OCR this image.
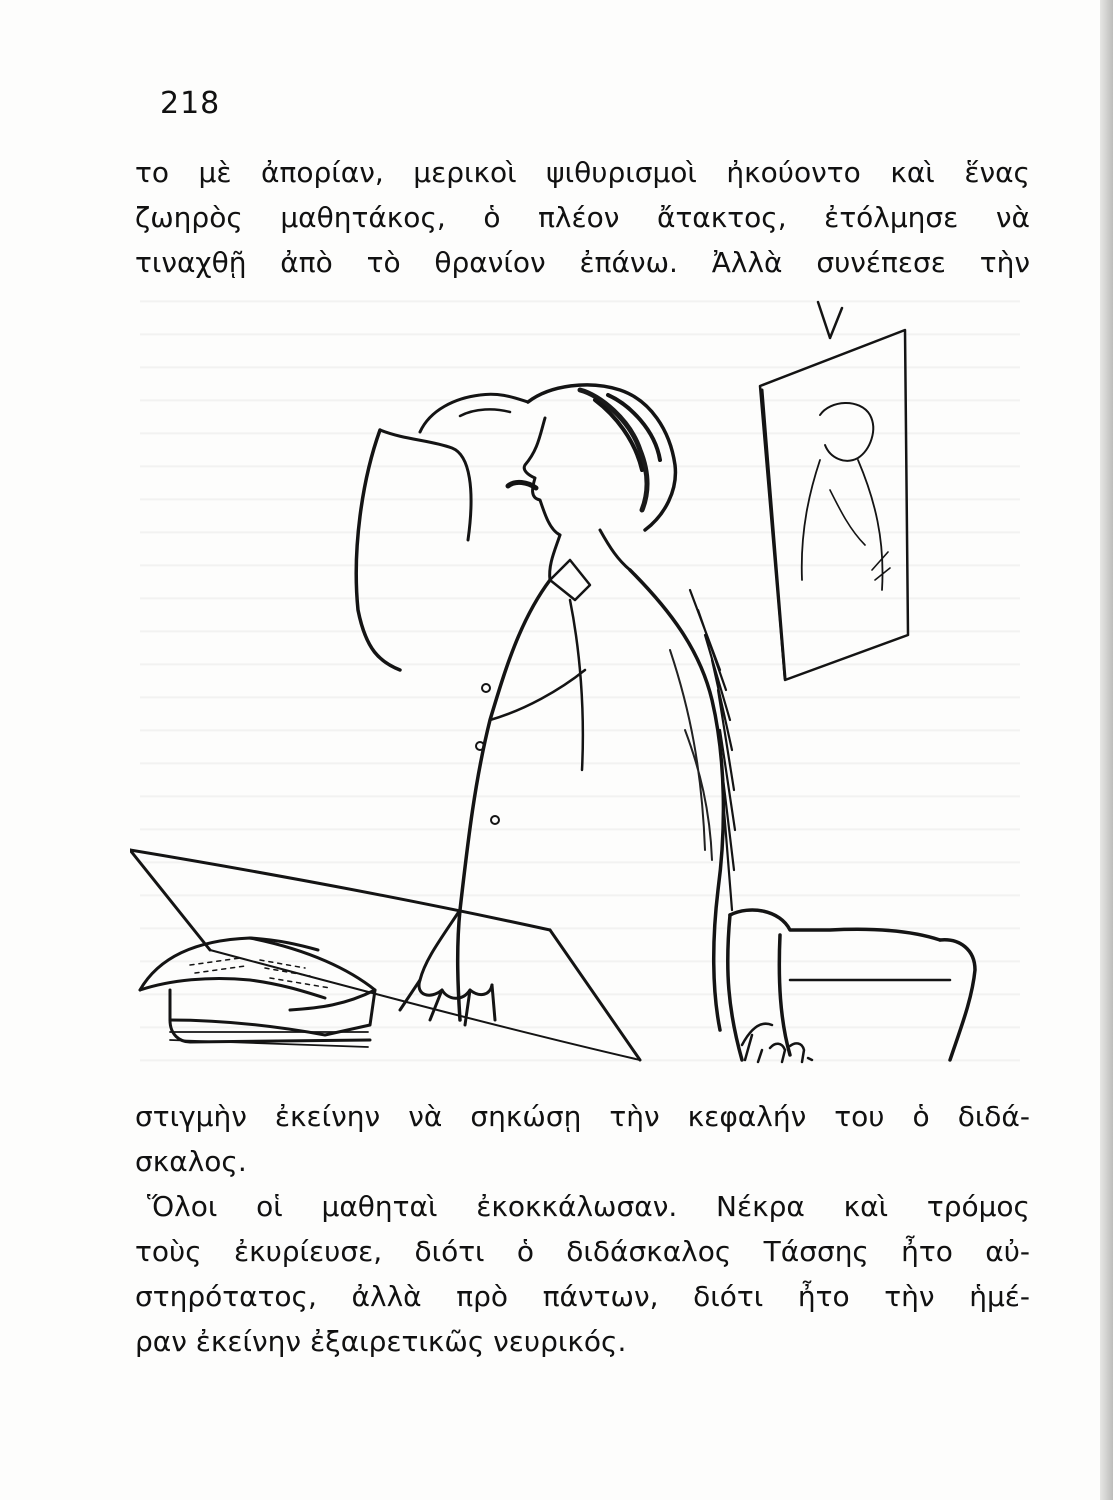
218
το μὲ ἀπορίαν, μερικοὶ ψιθυρισμοὶ ἠκούοντο καὶ ἕνας
ζωηρὸς μαθητάκος, ὁ πλέον ἄτακτος, ἐτόλμησε νὰ
τιναχθῇ ἀπὸ τὸ θρανίον ἐπάνω. Ἀλλὰ συνέπεσε τὴν
στιγμὴν ἐκείνην νὰ σηκώσῃ τὴν κεφαλήν του ὁ διδά-
σκαλος.
Ὅλοι οἱ μαθηταὶ ἐκοκκάλωσαν. Νέκρα καὶ τρόμος
τοὺς ἐκυρίευσε, διότι ὁ διδάσκαλος Τάσσης ἦτο αὐ-
στηρότατος, ἀλλὰ πρὸ πάντων, διότι ἦτο τὴν ἡμέ-
ραν ἐκείνην ἐξαιρετικῶς νευρικός.
